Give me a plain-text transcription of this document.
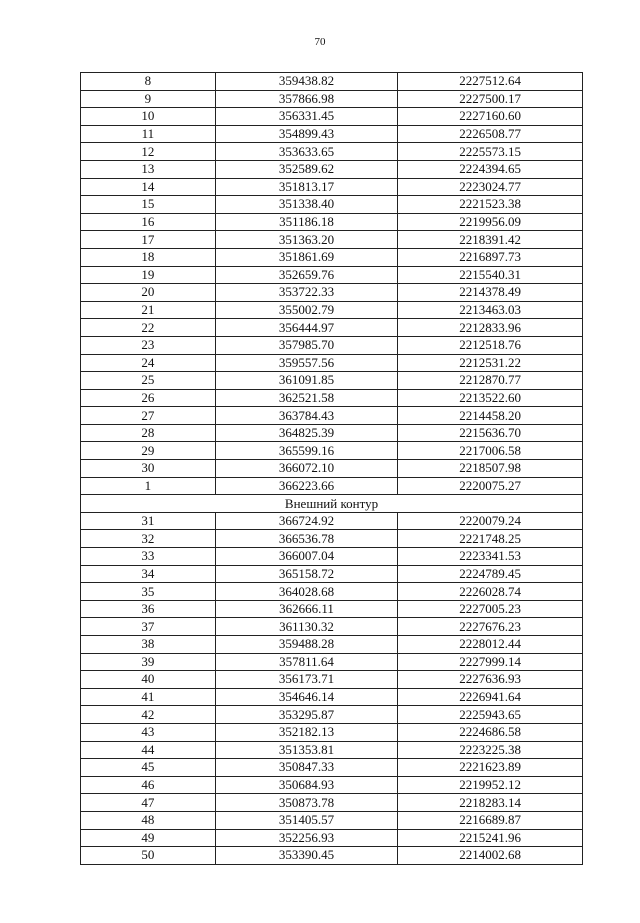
70
8	359438.82	2227512.64
9	357866.98	2227500.17
10	356331.45	2227160.60
11	354899.43	2226508.77
12	353633.65	2225573.15
13	352589.62	2224394.65
14	351813.17	2223024.77
15	351338.40	2221523.38
16	351186.18	2219956.09
17	351363.20	2218391.42
18	351861.69	2216897.73
19	352659.76	2215540.31
20	353722.33	2214378.49
21	355002.79	2213463.03
22	356444.97	2212833.96
23	357985.70	2212518.76
24	359557.56	2212531.22
25	361091.85	2212870.77
26	362521.58	2213522.60
27	363784.43	2214458.20
28	364825.39	2215636.70
29	365599.16	2217006.58
30	366072.10	2218507.98
1	366223.66	2220075.27
Внешний контур		
31	366724.92	2220079.24
32	366536.78	2221748.25
33	366007.04	2223341.53
34	365158.72	2224789.45
35	364028.68	2226028.74
36	362666.11	2227005.23
37	361130.32	2227676.23
38	359488.28	2228012.44
39	357811.64	2227999.14
40	356173.71	2227636.93
41	354646.14	2226941.64
42	353295.87	2225943.65
43	352182.13	2224686.58
44	351353.81	2223225.38
45	350847.33	2221623.89
46	350684.93	2219952.12
47	350873.78	2218283.14
48	351405.57	2216689.87
49	352256.93	2215241.96
50	353390.45	2214002.68
